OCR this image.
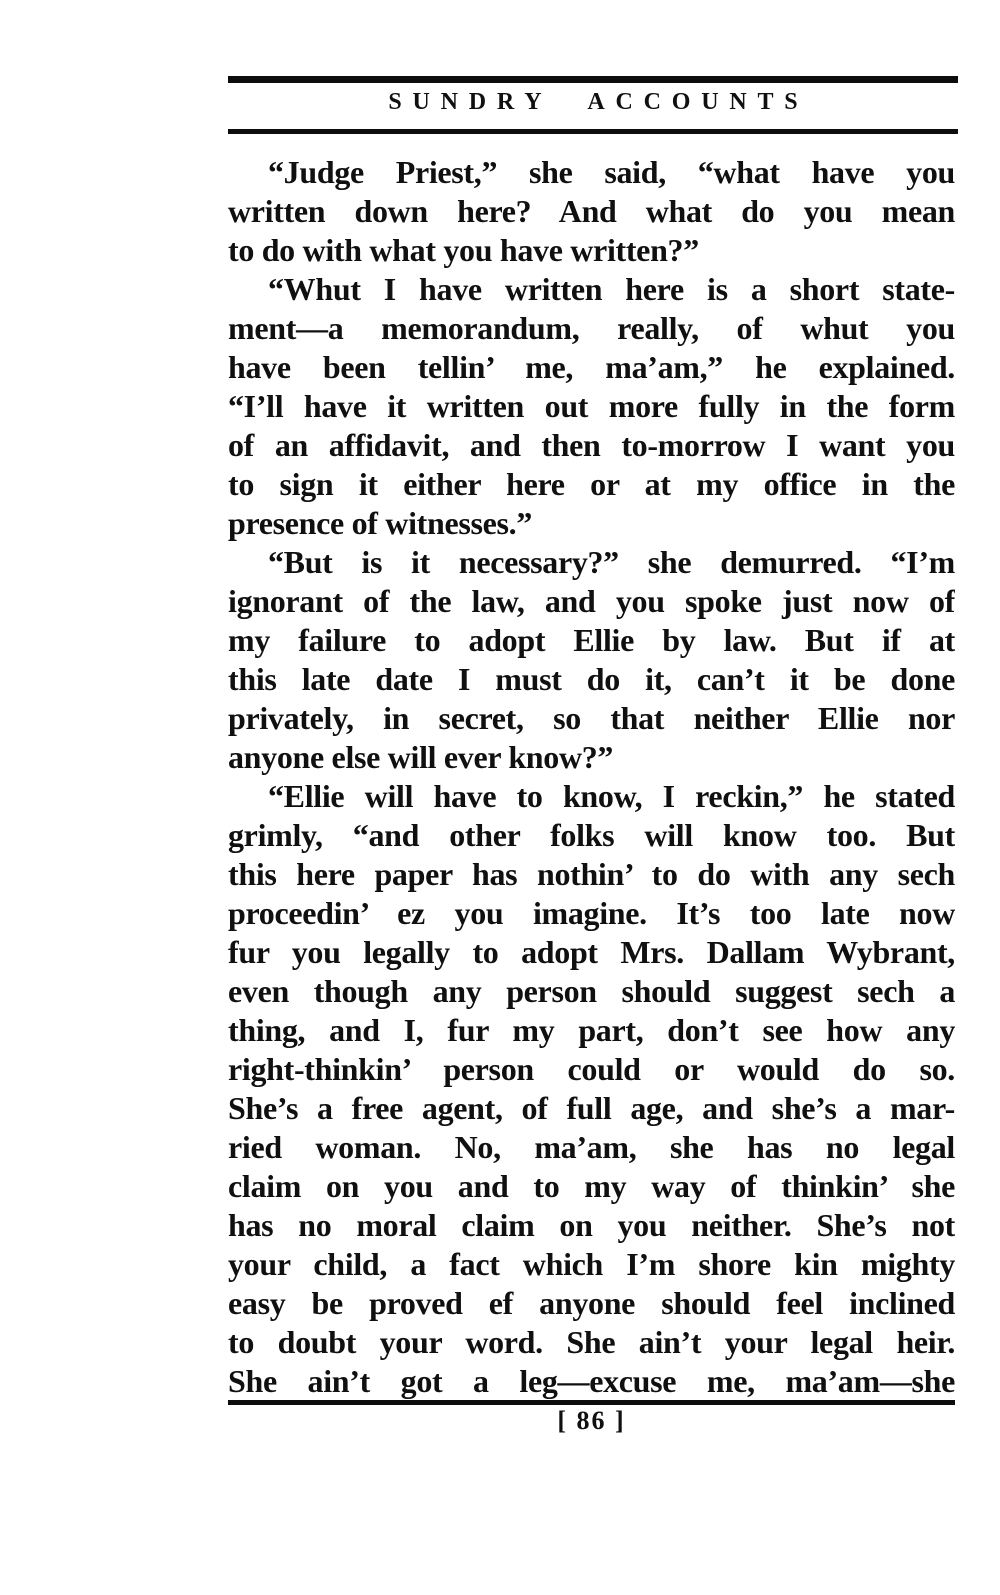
SUNDRY ACCOUNTS
“Judge Priest,” she said, “what have you
written down here? And what do you mean
to do with what you have written?”
“Whut I have written here is a short state-
ment—a memorandum, really, of whut you
have been tellin’ me, ma’am,” he explained.
“I’ll have it written out more fully in the form
of an affidavit, and then to-morrow I want you
to sign it either here or at my office in the
presence of witnesses.”
“But is it necessary?” she demurred. “I’m
ignorant of the law, and you spoke just now of
my failure to adopt Ellie by law. But if at
this late date I must do it, can’t it be done
privately, in secret, so that neither Ellie nor
anyone else will ever know?”
“Ellie will have to know, I reckin,” he stated
grimly, “and other folks will know too. But
this here paper has nothin’ to do with any sech
proceedin’ ez you imagine. It’s too late now
fur you legally to adopt Mrs. Dallam Wybrant,
even though any person should suggest sech a
thing, and I, fur my part, don’t see how any
right-thinkin’ person could or would do so.
She’s a free agent, of full age, and she’s a mar-
ried woman. No, ma’am, she has no legal
claim on you and to my way of thinkin’ she
has no moral claim on you neither. She’s not
your child, a fact which I’m shore kin mighty
easy be proved ef anyone should feel inclined
to doubt your word. She ain’t your legal heir.
She ain’t got a leg—excuse me, ma’am—she
[ 86 ]
